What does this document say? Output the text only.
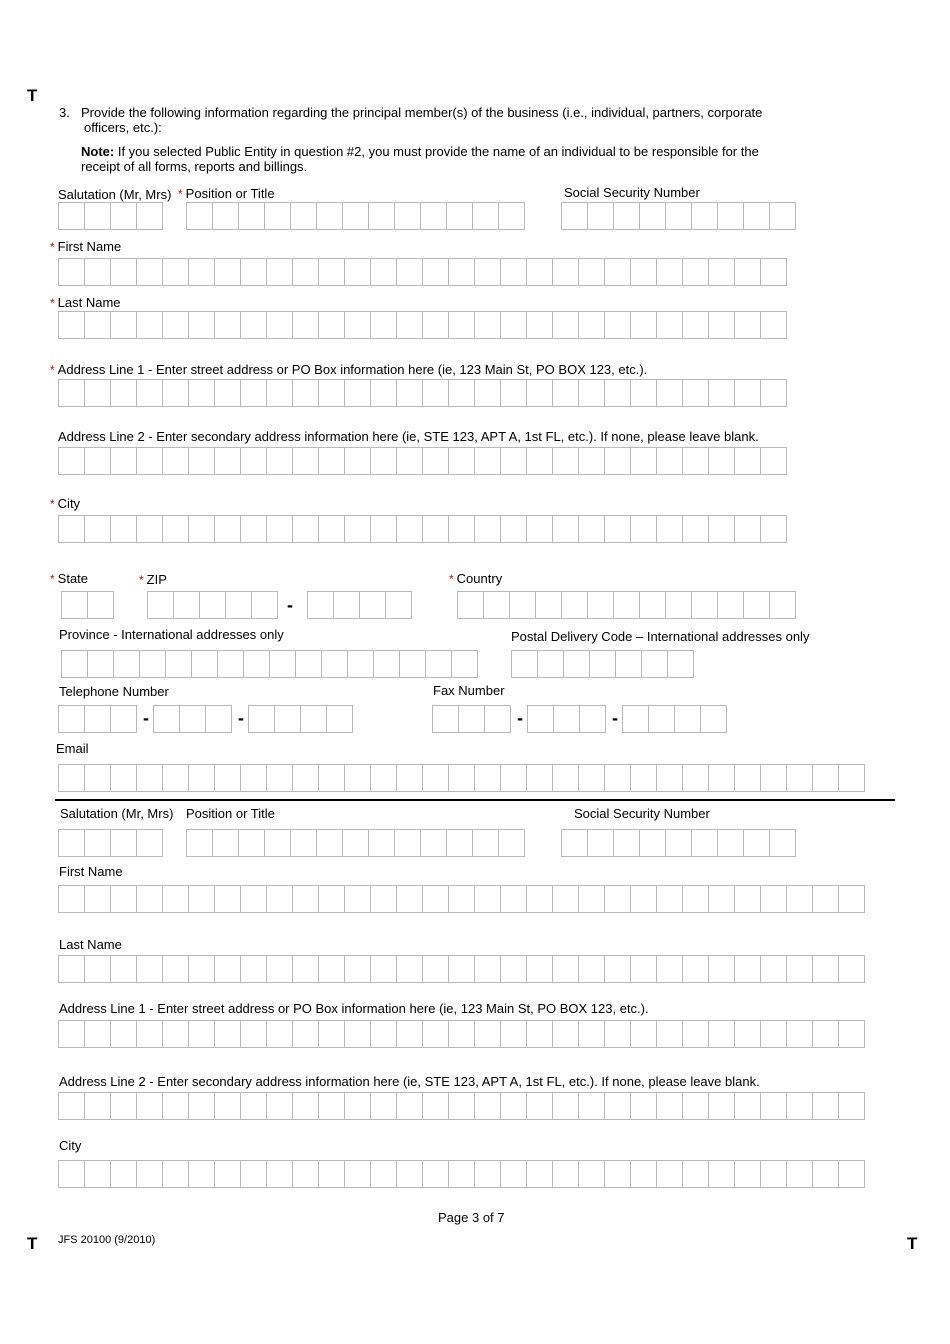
T
T	T
3. Provide the following information regarding the principal member(s) of the business (i.e., individual, partners, corporate
officers, etc.):
Note: If you selected Public Entity in question #2, you must provide the name of an individual to be responsible for the
receipt of all forms, reports and billings.
Salutation (Mr, Mrs) * Position or Title	Social Security Number
* First Name
* Last Name
* Address Line 1 - Enter street address or PO Box information here (ie, 123 Main St, PO BOX 123, etc.).
Address Line 2 - Enter secondary address information here (ie, STE 123, APT A, 1st FL, etc.). If none, please leave blank.
* City
* State	* ZIP	* Country
-
Province - International addresses only	Postal Delivery Code – International addresses only
Telephone Number	Fax Number
-	-	-	-
Email
Salutation (Mr, Mrs) Position or Title	Social Security Number
First Name
Last Name
Address Line 1 - Enter street address or PO Box information here (ie, 123 Main St, PO BOX 123, etc.).
Address Line 2 - Enter secondary address information here (ie, STE 123, APT A, 1st FL, etc.). If none, please leave blank.
City
Page 3 of 7
JFS 20100 (9/2010)
